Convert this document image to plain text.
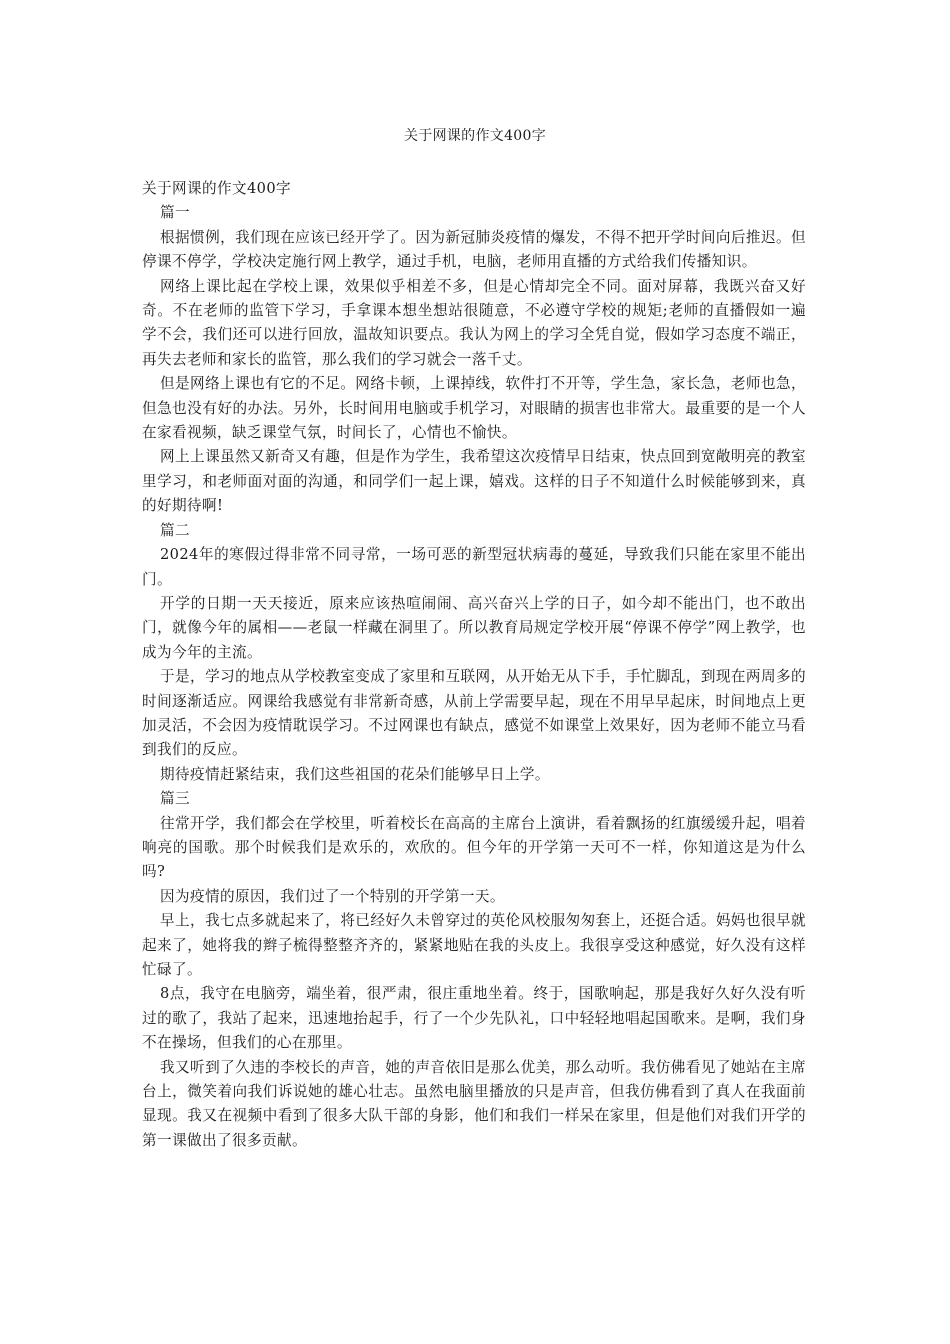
关于网课的作文400字

关于网课的作文400字

篇一

根据惯例，我们现在应该已经开学了。因为新冠肺炎疫情的爆发，不得不把开学时间向后推迟。但停课不停学，学校决定施行网上教学，通过手机，电脑，老师用直播的方式给我们传播知识。

网络上课比起在学校上课，效果似乎相差不多，但是心情却完全不同。面对屏幕，我既兴奋又好奇。不在老师的监管下学习，手拿课本想坐想站很随意，不必遵守学校的规矩;老师的直播假如一遍学不会，我们还可以进行回放，温故知识要点。我认为网上的学习全凭自觉，假如学习态度不端正，再失去老师和家长的监管，那么我们的学习就会一落千丈。

但是网络上课也有它的不足。网络卡顿，上课掉线，软件打不开等，学生急，家长急，老师也急，但急也没有好的办法。另外，长时间用电脑或手机学习，对眼睛的损害也非常大。最重要的是一个人在家看视频，缺乏课堂气氛，时间长了，心情也不愉快。

网上上课虽然又新奇又有趣，但是作为学生，我希望这次疫情早日结束，快点回到宽敞明亮的教室里学习，和老师面对面的沟通，和同学们一起上课，嬉戏。这样的日子不知道什么时候能够到来，真的好期待啊!

篇二

2024年的寒假过得非常不同寻常，一场可恶的新型冠状病毒的蔓延，导致我们只能在家里不能出门。

开学的日期一天天接近，原来应该热喧闹闹、高兴奋兴上学的日子，如今却不能出门，也不敢出门，就像今年的属相——老鼠一样藏在洞里了。所以教育局规定学校开展“停课不停学”网上教学，也成为今年的主流。

于是，学习的地点从学校教室变成了家里和互联网，从开始无从下手，手忙脚乱，到现在两周多的时间逐渐适应。网课给我感觉有非常新奇感，从前上学需要早起，现在不用早早起床，时间地点上更加灵活，不会因为疫情耽误学习。不过网课也有缺点，感觉不如课堂上效果好，因为老师不能立马看到我们的反应。

期待疫情赶紧结束，我们这些祖国的花朵们能够早日上学。

篇三

往常开学，我们都会在学校里，听着校长在高高的主席台上演讲，看着飘扬的红旗缓缓升起，唱着响亮的国歌。那个时候我们是欢乐的，欢欣的。但今年的开学第一天可不一样，你知道这是为什么吗?

因为疫情的原因，我们过了一个特别的开学第一天。

早上，我七点多就起来了，将已经好久未曾穿过的英伦风校服匆匆套上，还挺合适。妈妈也很早就起来了，她将我的辫子梳得整整齐齐的，紧紧地贴在我的头皮上。我很享受这种感觉，好久没有这样忙碌了。

8点，我守在电脑旁，端坐着，很严肃，很庄重地坐着。终于，国歌响起，那是我好久好久没有听过的歌了，我站了起来，迅速地抬起手，行了一个少先队礼，口中轻轻地唱起国歌来。是啊，我们身不在操场，但我们的心在那里。

我又听到了久违的李校长的声音，她的声音依旧是那么优美，那么动听。我仿佛看见了她站在主席台上，微笑着向我们诉说她的雄心壮志。虽然电脑里播放的只是声音，但我仿佛看到了真人在我面前显现。我又在视频中看到了很多大队干部的身影，他们和我们一样呆在家里，但是他们对我们开学的第一课做出了很多贡献。
